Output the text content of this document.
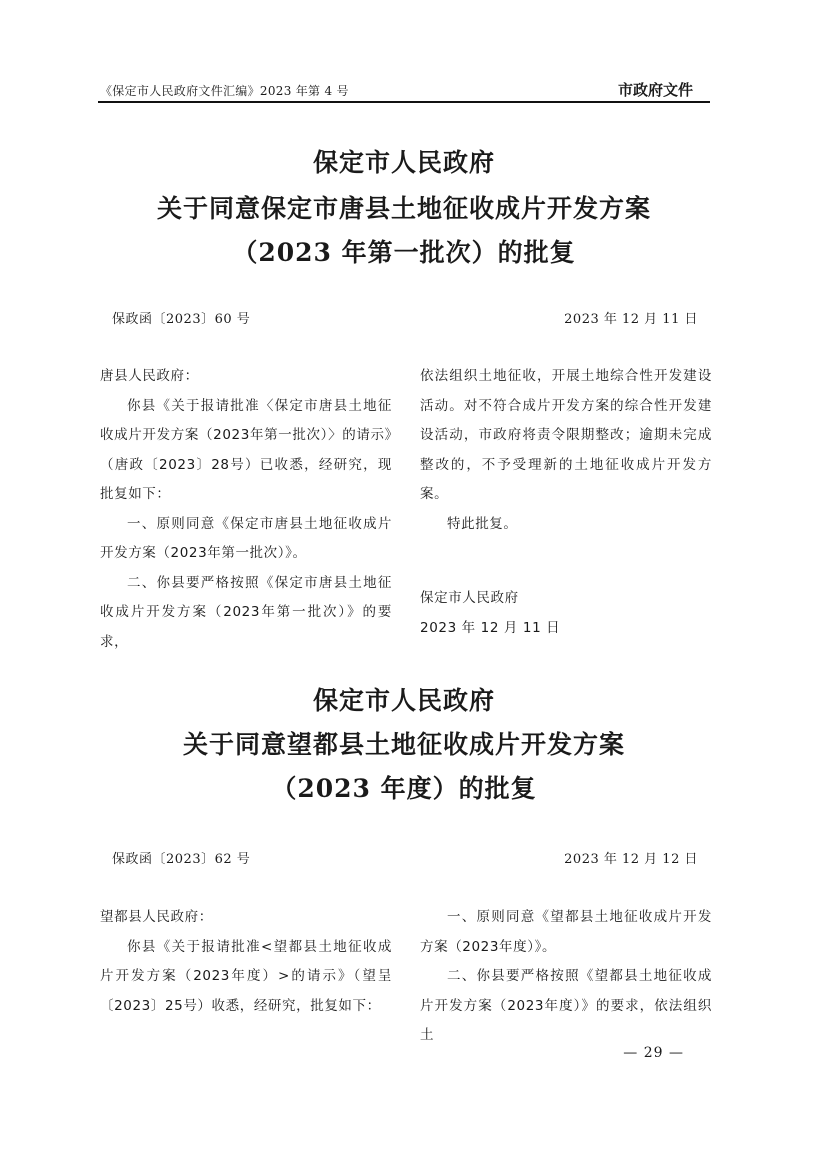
《保定市人民政府文件汇编》2023 年第 4 号	市政府文件
保定市人民政府
关于同意保定市唐县土地征收成片开发方案
（2023 年第一批次）的批复
保政函〔2023〕60 号	2023 年 12 月 11 日

唐县人民政府：

你县《关于报请批准〈保定市唐县土地征收成片开发方案（2023年第一批次）〉的请示》（唐政〔2023〕28号）已收悉，经研究，现批复如下：

一、原则同意《保定市唐县土地征收成片开发方案（2023年第一批次）》。

二、你县要严格按照《保定市唐县土地征收成片开发方案（2023年第一批次）》的要求，

依法组织土地征收，开展土地综合性开发建设活动。对不符合成片开发方案的综合性开发建设活动，市政府将责令限期整改；逾期未完成整改的，不予受理新的土地征收成片开发方案。

特此批复。

保定市人民政府

2023 年 12 月 11 日

保定市人民政府
关于同意望都县土地征收成片开发方案
（2023 年度）的批复
保政函〔2023〕62 号	2023 年 12 月 12 日

望都县人民政府：

你县《关于报请批准<望都县土地征收成片开发方案（2023年度）>的请示》（望呈〔2023〕25号）收悉，经研究，批复如下：

一、原则同意《望都县土地征收成片开发方案（2023年度）》。

二、你县要严格按照《望都县土地征收成片开发方案（2023年度）》的要求，依法组织土

— 29 —
